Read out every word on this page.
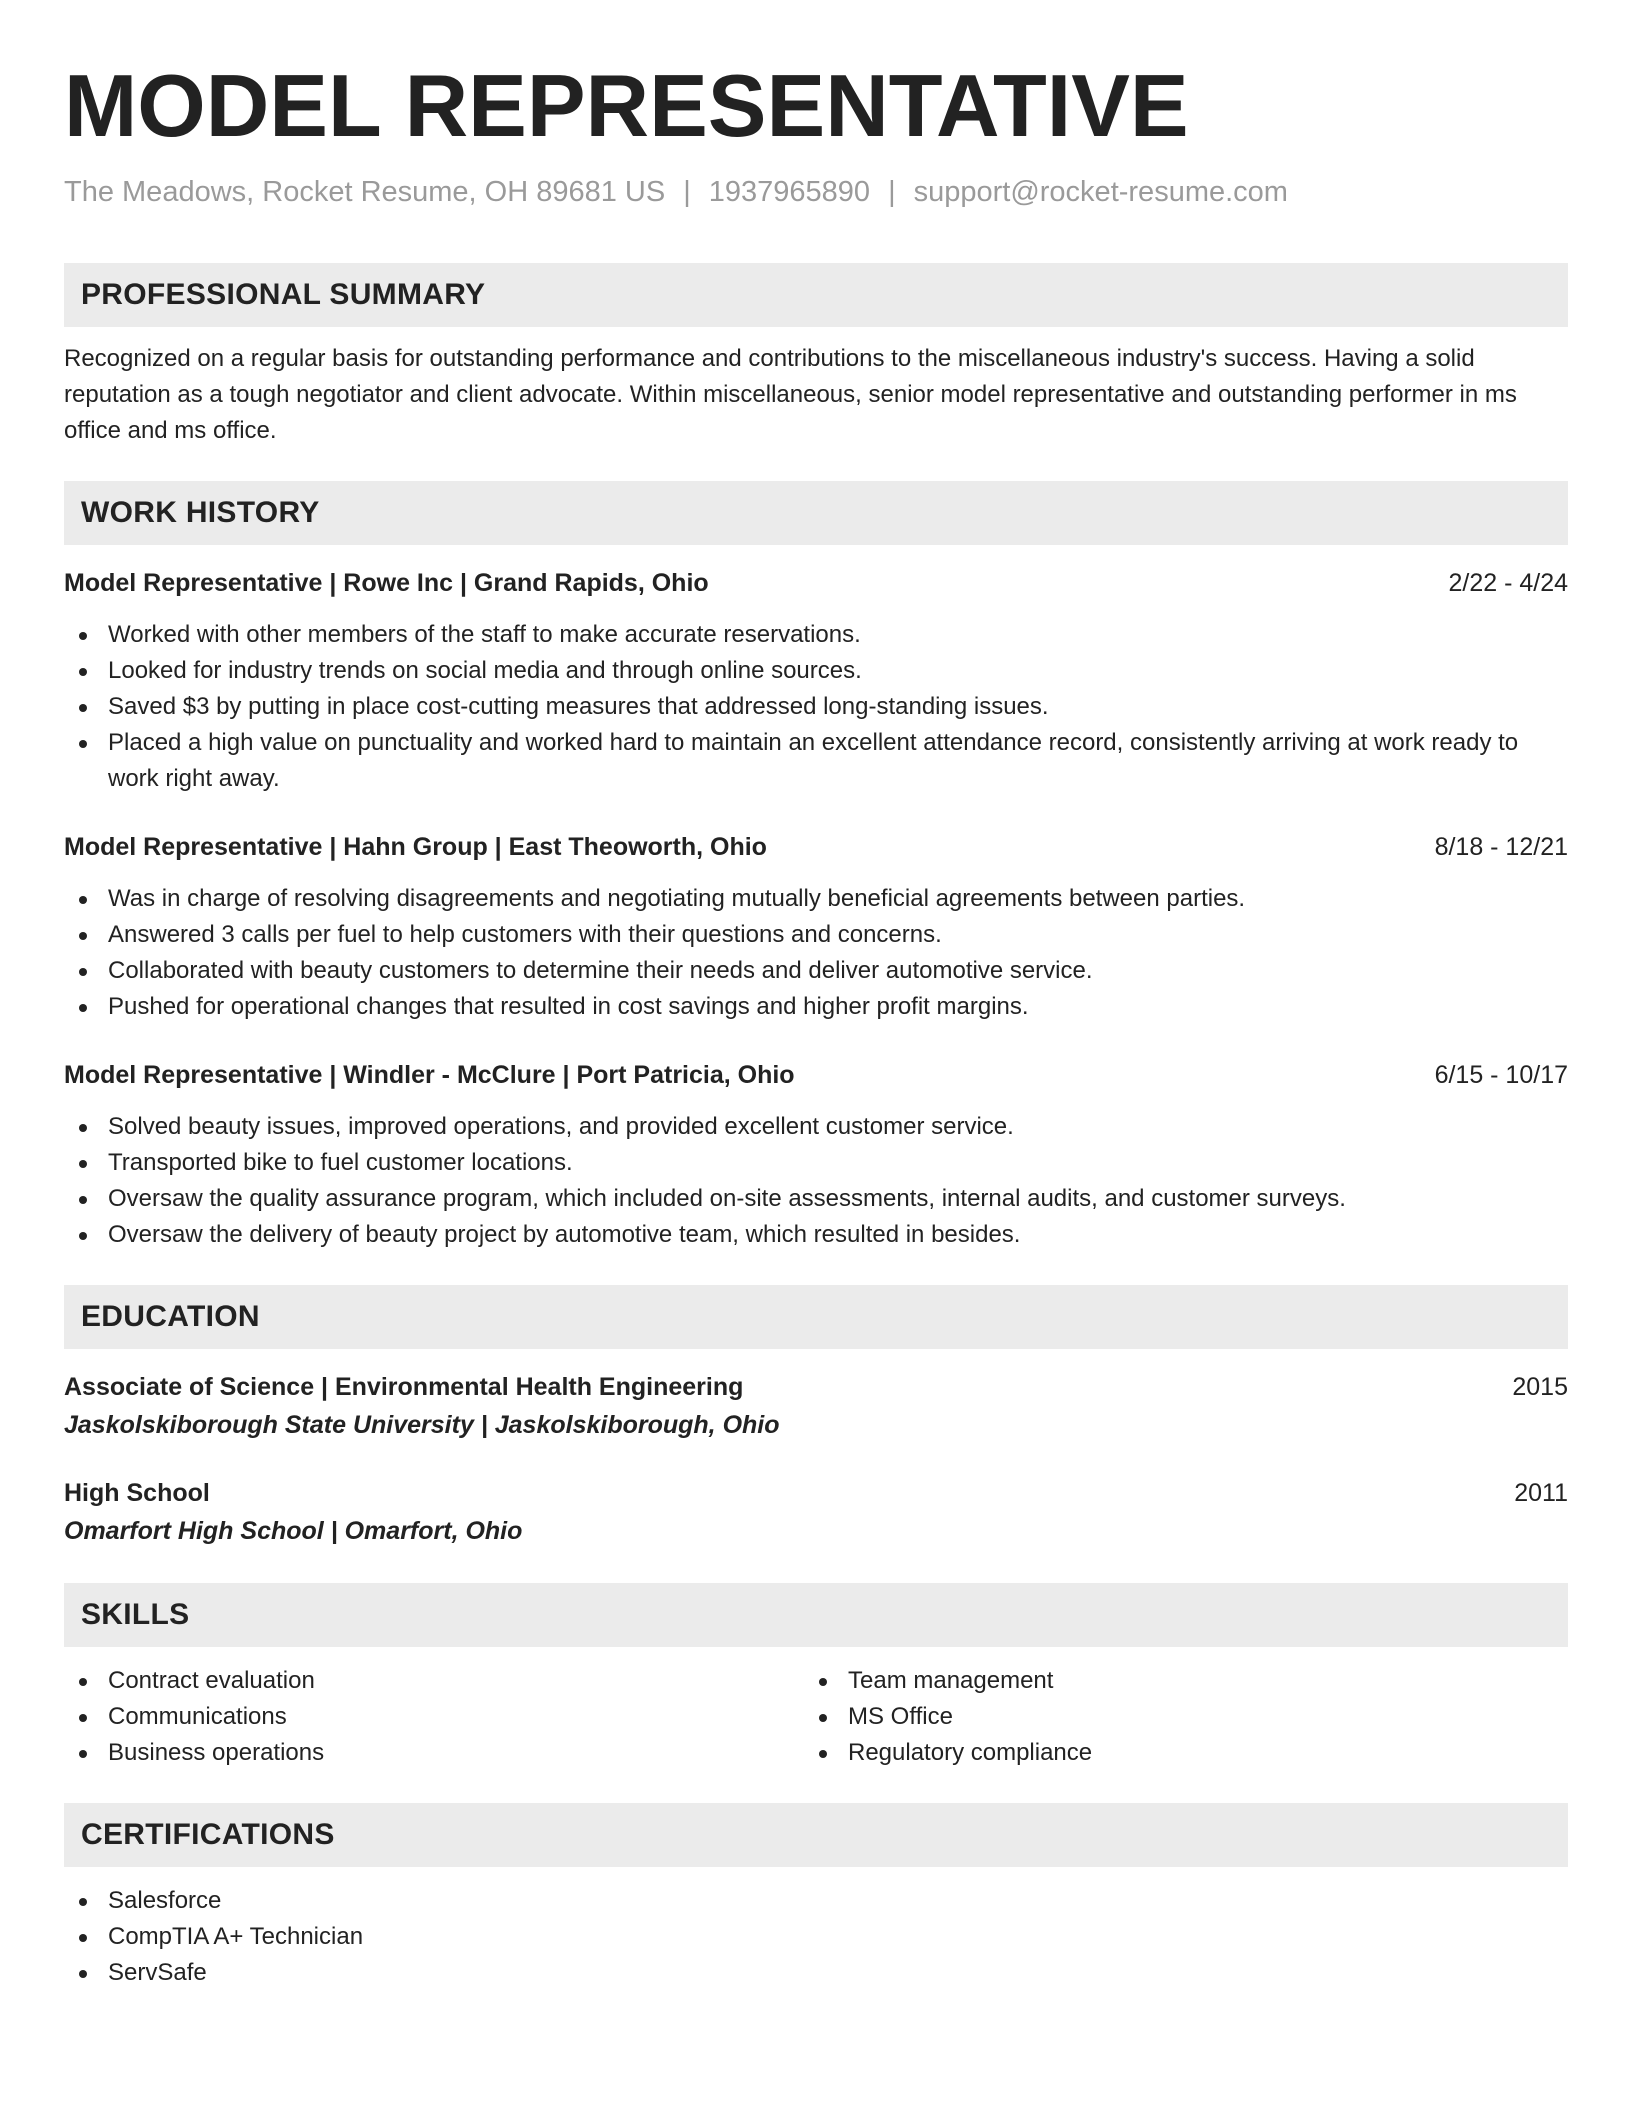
MODEL REPRESENTATIVE
The Meadows, Rocket Resume, OH 89681 US | 1937965890 | support@rocket-resume.com
PROFESSIONAL SUMMARY
Recognized on a regular basis for outstanding performance and contributions to the miscellaneous industry's success. Having a solid reputation as a tough negotiator and client advocate. Within miscellaneous, senior model representative and outstanding performer in ms office and ms office.
WORK HISTORY
Model Representative | Rowe Inc | Grand Rapids, Ohio	2/22 - 4/24
Worked with other members of the staff to make accurate reservations.
Looked for industry trends on social media and through online sources.
Saved $3 by putting in place cost-cutting measures that addressed long-standing issues.
Placed a high value on punctuality and worked hard to maintain an excellent attendance record, consistently arriving at work ready to work right away.
Model Representative | Hahn Group | East Theoworth, Ohio	8/18 - 12/21
Was in charge of resolving disagreements and negotiating mutually beneficial agreements between parties.
Answered 3 calls per fuel to help customers with their questions and concerns.
Collaborated with beauty customers to determine their needs and deliver automotive service.
Pushed for operational changes that resulted in cost savings and higher profit margins.
Model Representative | Windler - McClure | Port Patricia, Ohio	6/15 - 10/17
Solved beauty issues, improved operations, and provided excellent customer service.
Transported bike to fuel customer locations.
Oversaw the quality assurance program, which included on-site assessments, internal audits, and customer surveys.
Oversaw the delivery of beauty project by automotive team, which resulted in besides.
EDUCATION
Associate of Science | Environmental Health Engineering	2015
Jaskolskiborough State University | Jaskolskiborough, Ohio
High School	2011
Omarfort High School | Omarfort, Ohio
SKILLS
Contract evaluation
Communications
Business operations
Team management
MS Office
Regulatory compliance
CERTIFICATIONS
Salesforce
CompTIA A+ Technician
ServSafe
